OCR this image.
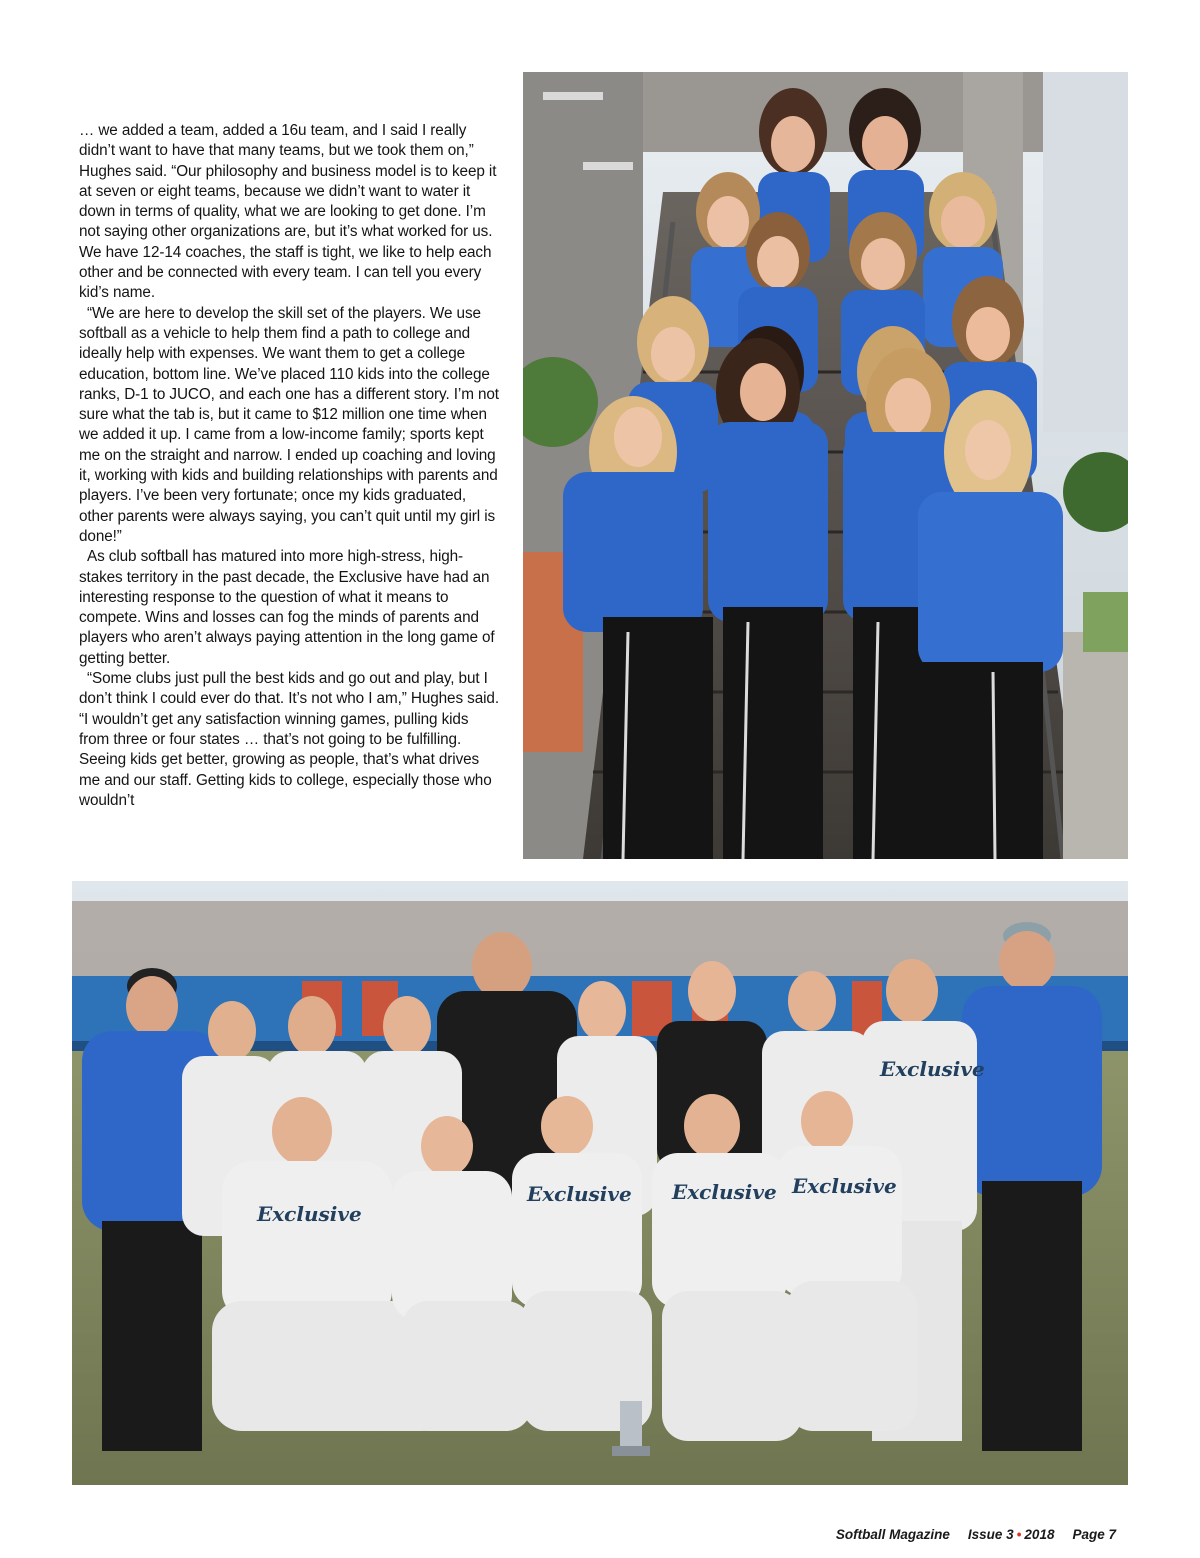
… we added a team, added a 16u team, and I said I really didn’t want to have that many teams, but we took them on,” Hughes said. “Our philosophy and business model is to keep it at seven or eight teams, because we didn’t want to water it down in terms of quality, what we are looking to get done. I’m not saying other organizations are, but it’s what worked for us. We have 12-14 coaches, the staff is tight, we like to help each other and be connected with every team. I can tell you every kid’s name.

“We are here to develop the skill set of the players. We use softball as a vehicle to help them find a path to college and ideally help with expenses. We want them to get a college education, bottom line. We’ve placed 110 kids into the college ranks, D-1 to JUCO, and each one has a different story. I’m not sure what the tab is, but it came to $12 million one time when we added it up. I came from a low-income family; sports kept me on the straight and narrow. I ended up coaching and loving it, working with kids and building relationships with parents and players. I’ve been very fortunate; once my kids graduated, other parents were always saying, you can’t quit until my girl is done!”

As club softball has matured into more high-stress, high-stakes territory in the past decade, the Exclusive have had an interesting response to the question of what it means to compete. Wins and losses can fog the minds of parents and players who aren’t always paying attention in the long game of getting better.

“Some clubs just pull the best kids and go out and play, but I don’t think I could ever do that. It’s not who I am,” Hughes said. “I wouldn’t get any satisfaction winning games, pulling kids from three or four states … that’s not going to be fulfilling. Seeing kids get better, growing as people, that’s what drives me and our staff. Getting kids to college, especially those who wouldn’t

Exclusive
Exclusive Exclusive Exclusive
Exclusive
Softball Magazine Issue 3 • 2018 Page 7
